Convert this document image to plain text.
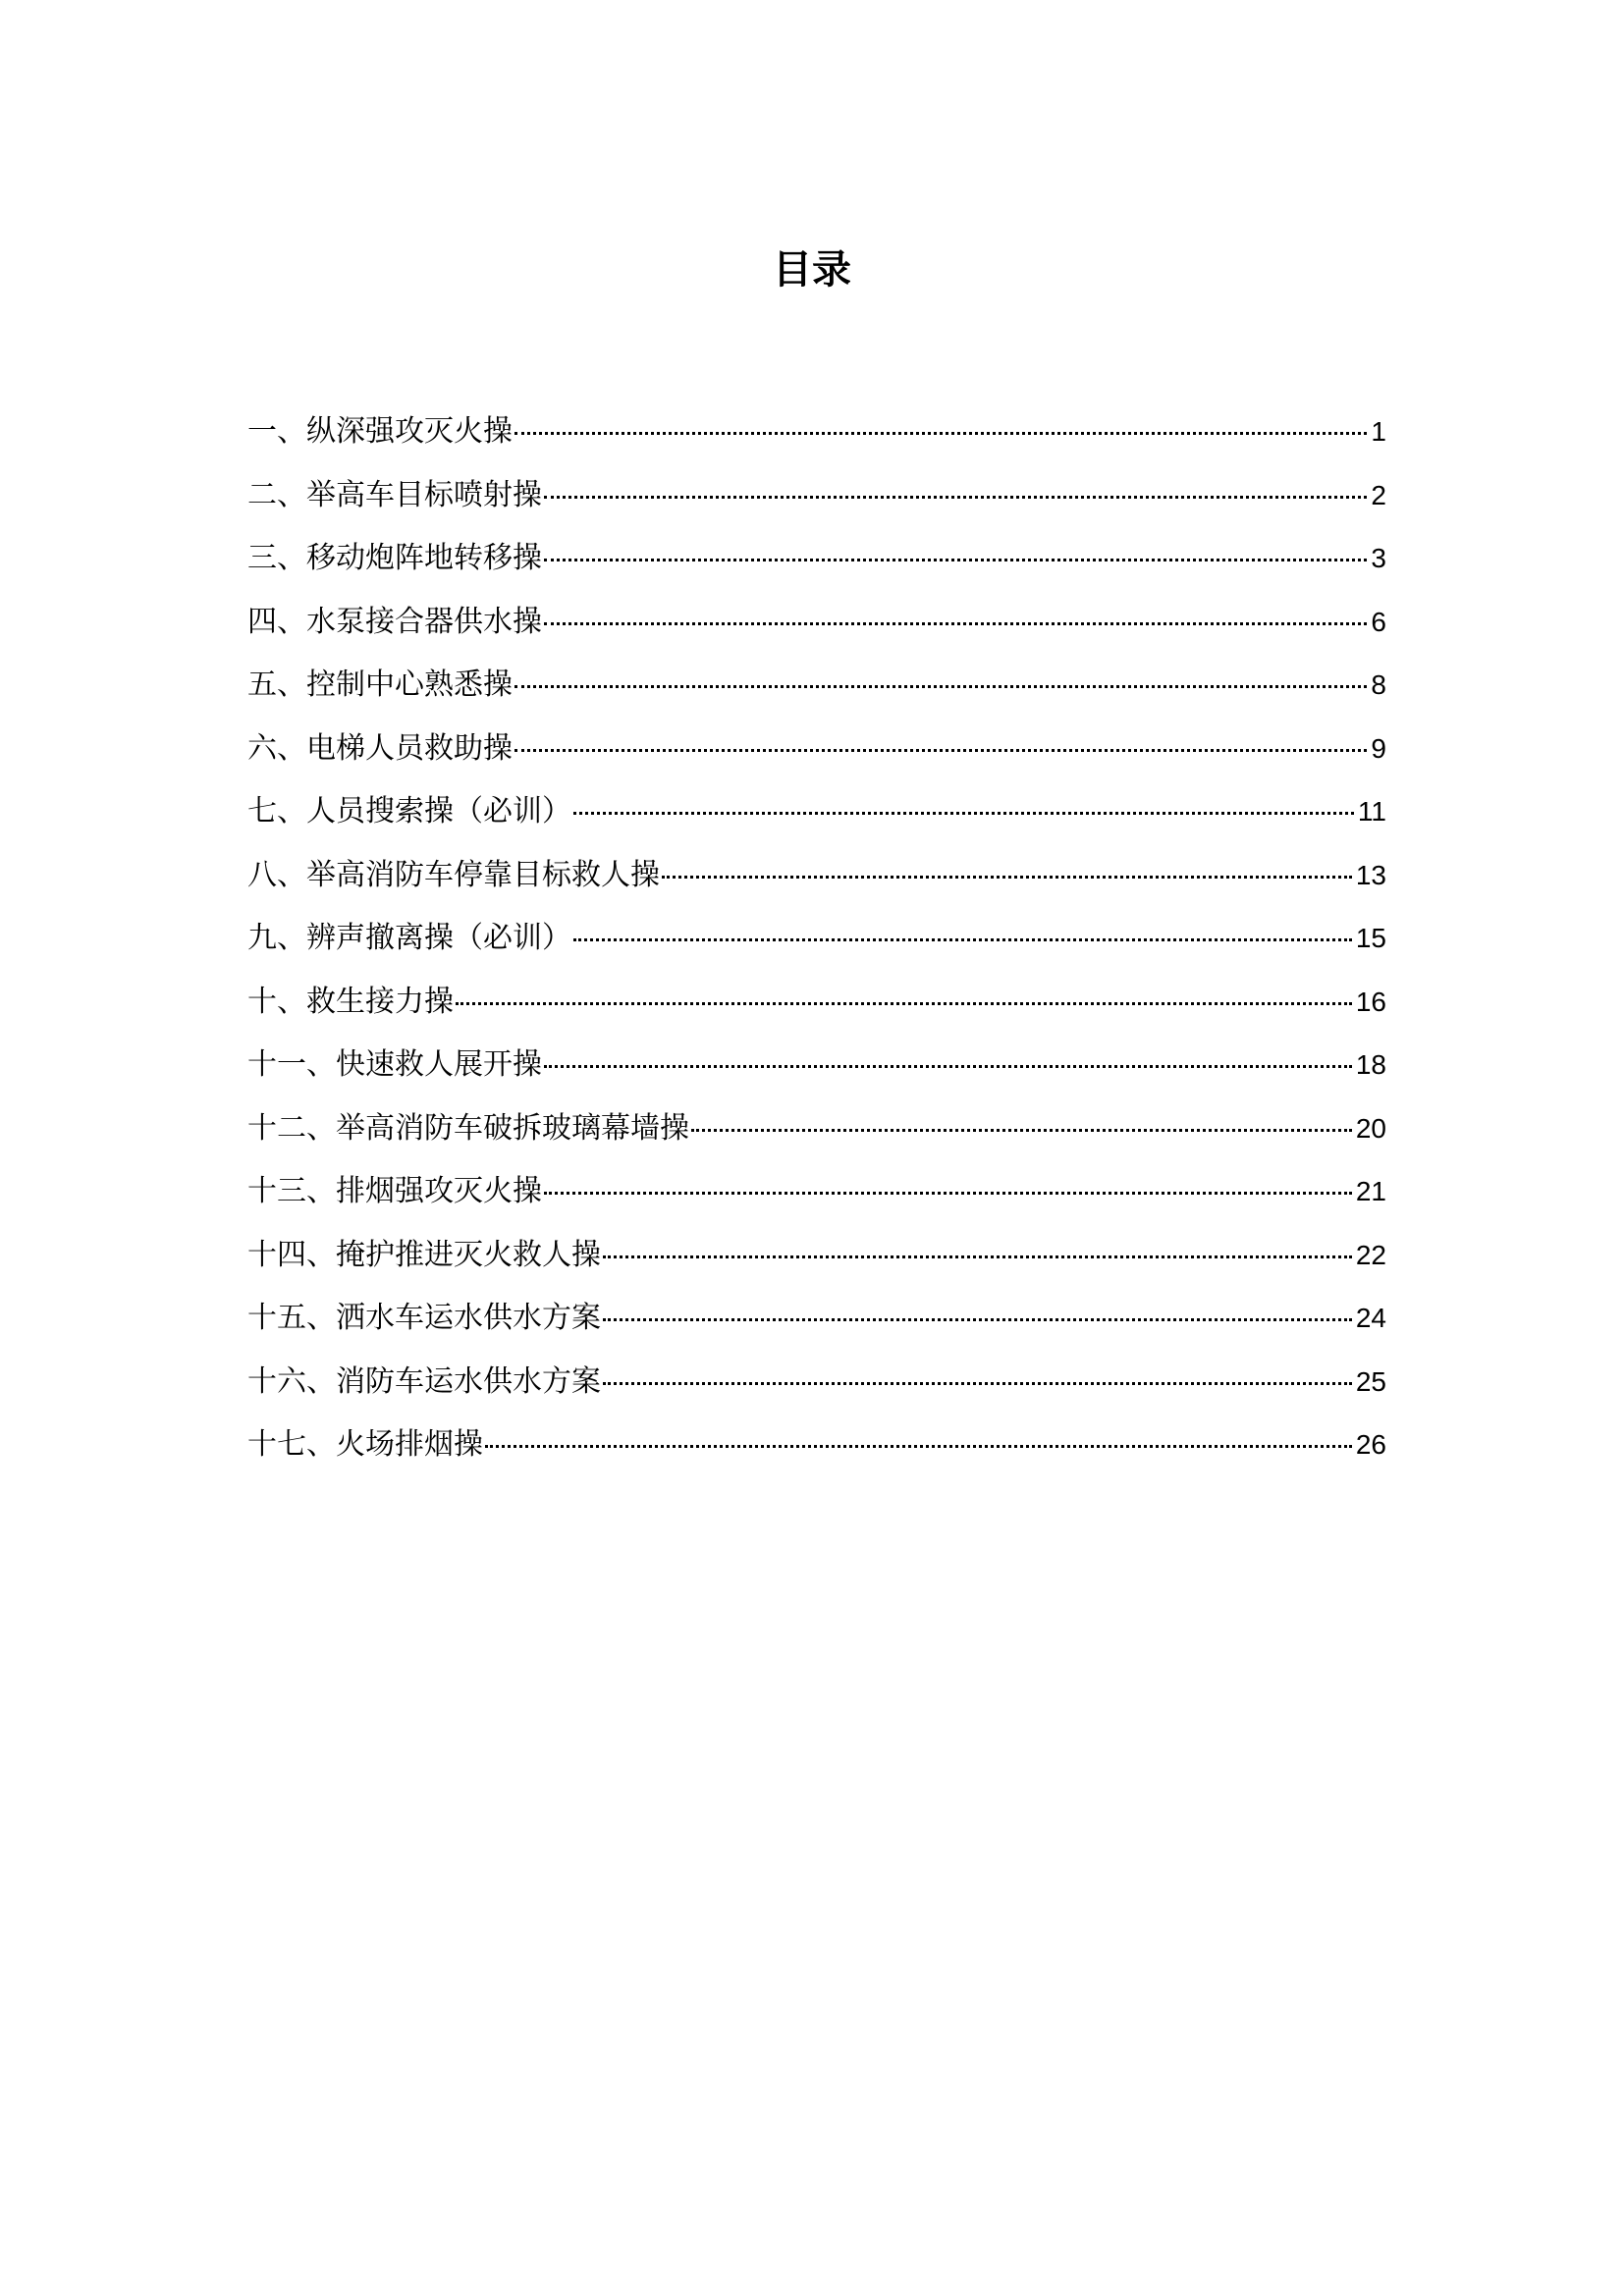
目录
一、纵深强攻灭火操	1
二、举高车目标喷射操	2
三、移动炮阵地转移操	3
四、水泵接合器供水操	6
五、控制中心熟悉操	8
六、电梯人员救助操	9
七、人员搜索操（必训）	11
八、举高消防车停靠目标救人操	13
九、辨声撤离操（必训）	15
十、救生接力操	16
十一、快速救人展开操	18
十二、举高消防车破拆玻璃幕墙操	20
十三、排烟强攻灭火操	21
十四、掩护推进灭火救人操	22
十五、洒水车运水供水方案	24
十六、消防车运水供水方案	25
十七、火场排烟操	26
